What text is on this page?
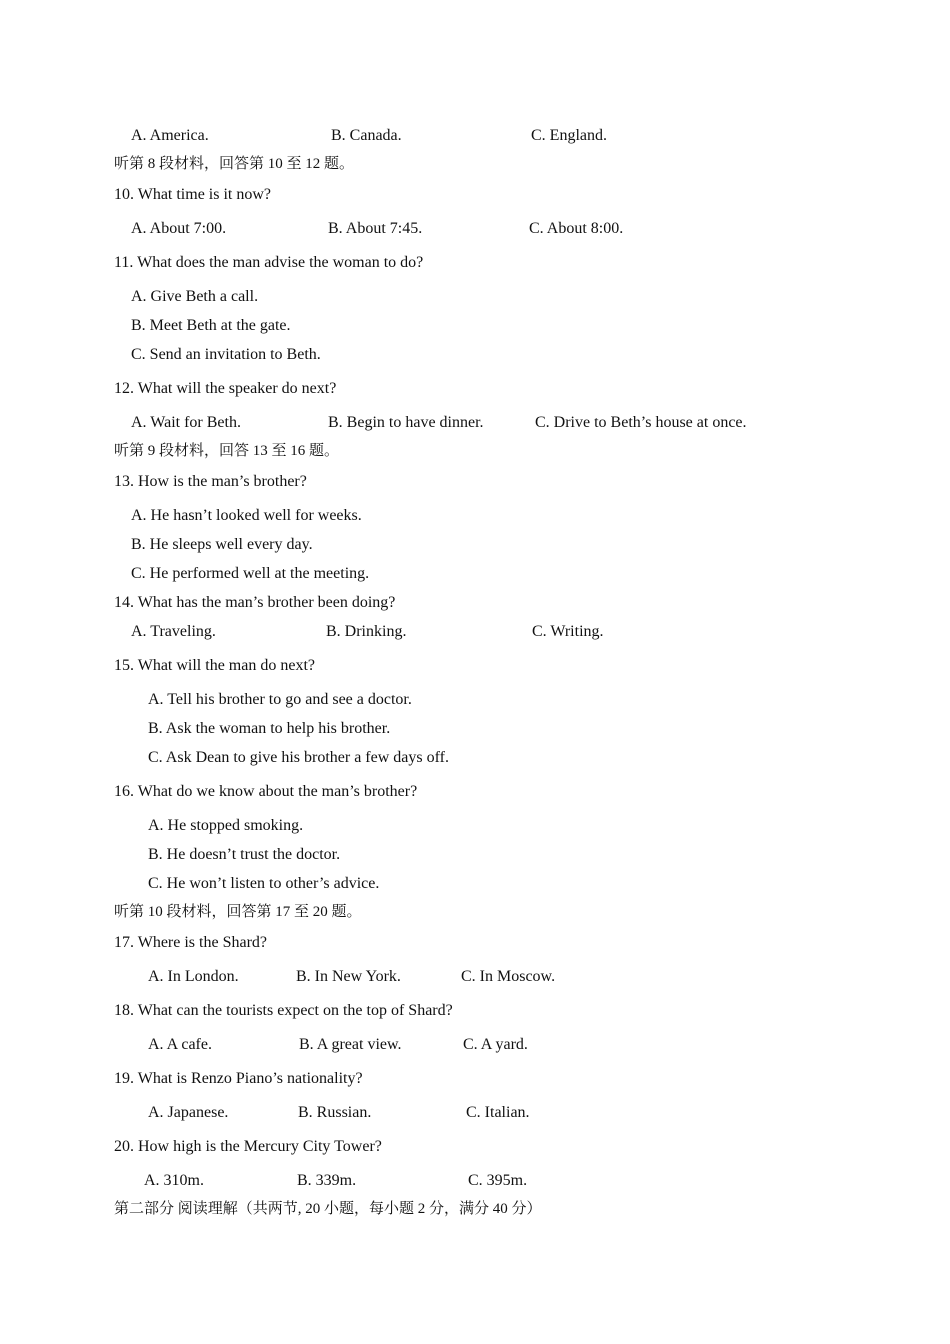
A. America.	B. Canada.	C. England.
听第 8 段材料，回答第 10 至 12 题。
10. What time is it now?
A. About 7:00.	B. About 7:45.	C. About 8:00.
11. What does the man advise the woman to do?
A. Give Beth a call.
B. Meet Beth at the gate.
C. Send an invitation to Beth.
12. What will the speaker do next?
A. Wait for Beth.	B. Begin to have dinner.	C. Drive to Beth’s house at once.
听第 9 段材料，回答 13 至 16 题。
13. How is the man’s brother?
A. He hasn’t looked well for weeks.
B. He sleeps well every day.
C. He performed well at the meeting.
14. What has the man’s brother been doing?
A. Traveling.	B. Drinking.	C. Writing.
15. What will the man do next?
A. Tell his brother to go and see a doctor.
B. Ask the woman to help his brother.
C. Ask Dean to give his brother a few days off.
16. What do we know about the man’s brother?
A. He stopped smoking.
B. He doesn’t trust the doctor.
C. He won’t listen to other’s advice.
听第 10 段材料，回答第 17 至 20 题。
17. Where is the Shard?
A. In London.	B. In New York.	C. In Moscow.
18. What can the tourists expect on the top of Shard?
A. A cafe.	B. A great view.	C. A yard.
19. What is Renzo Piano’s nationality?
A. Japanese.	B. Russian.	C. Italian.
20. How high is the Mercury City Tower?
A. 310m.	B. 339m.	C. 395m.
第二部分 阅读理解（共两节, 20 小题，每小题 2 分，满分 40 分）
